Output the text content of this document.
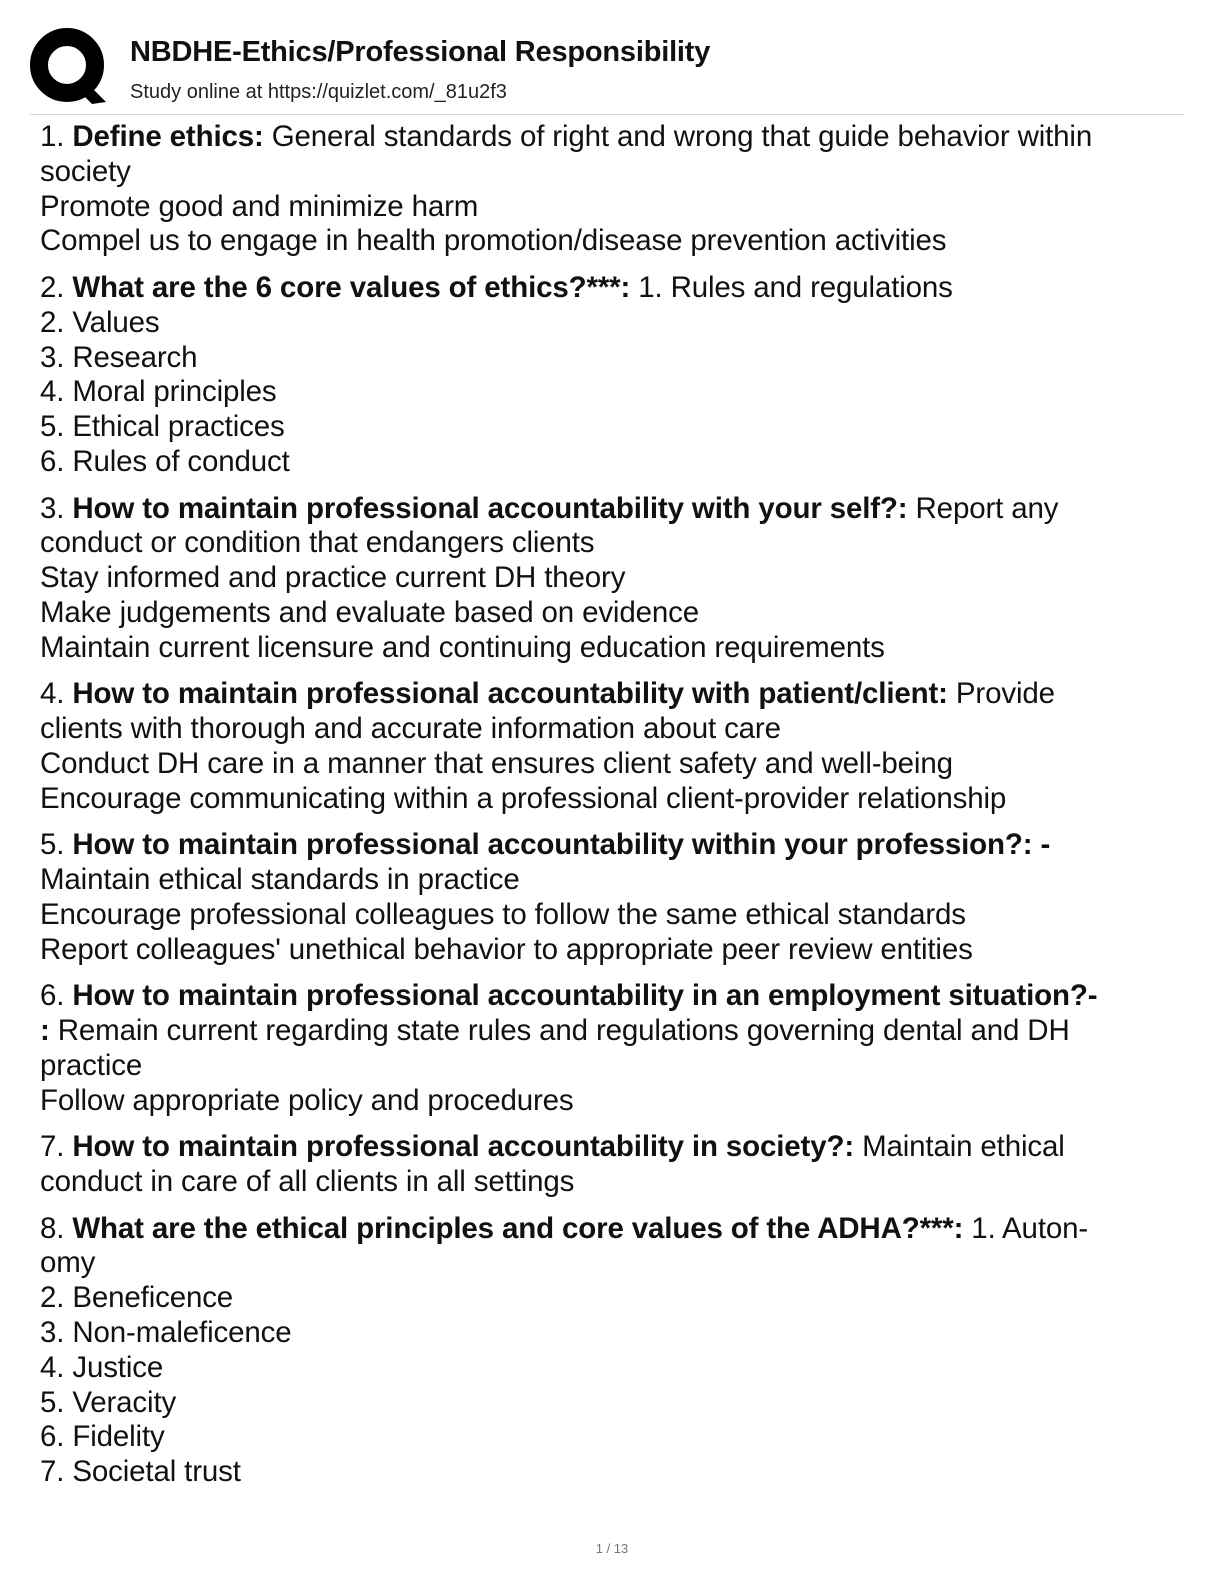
NBDHE-Ethics/Professional Responsibility
Study online at https://quizlet.com/_81u2f3
1. Define ethics: General standards of right and wrong that guide behavior within
society
Promote good and minimize harm
Compel us to engage in health promotion/disease prevention activities
2. What are the 6 core values of ethics?***: 1. Rules and regulations
2. Values
3. Research
4. Moral principles
5. Ethical practices
6. Rules of conduct
3. How to maintain professional accountability with your self?: Report any
conduct or condition that endangers clients
Stay informed and practice current DH theory
Make judgements and evaluate based on evidence
Maintain current licensure and continuing education requirements
4. How to maintain professional accountability with patient/client: Provide
clients with thorough and accurate information about care
Conduct DH care in a manner that ensures client safety and well-being
Encourage communicating within a professional client-provider relationship
5. How to maintain professional accountability within your profession?: -
Maintain ethical standards in practice
Encourage professional colleagues to follow the same ethical standards
Report colleagues' unethical behavior to appropriate peer review entities
6. How to maintain professional accountability in an employment situation?-
: Remain current regarding state rules and regulations governing dental and DH
practice
Follow appropriate policy and procedures
7. How to maintain professional accountability in society?: Maintain ethical
conduct in care of all clients in all settings
8. What are the ethical principles and core values of the ADHA?***: 1. Auton-
omy
2. Beneficence
3. Non-maleficence
4. Justice
5. Veracity
6. Fidelity
7. Societal trust
1 / 13
